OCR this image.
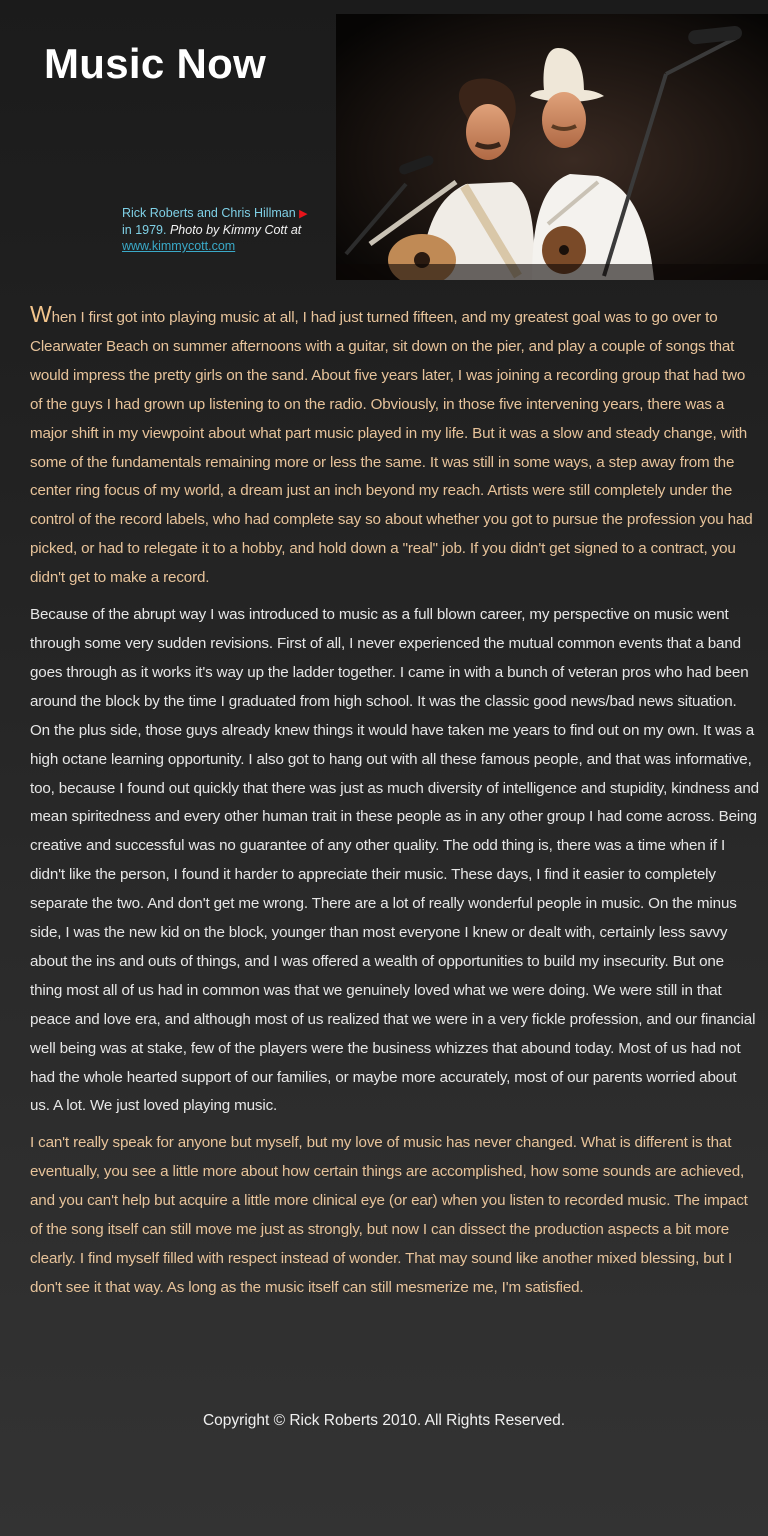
Music Now
Rick Roberts and Chris Hillman ▶
in 1979. Photo by Kimmy Cott at
www.kimmycott.com

When I first got into playing music at all, I had just turned fifteen, and my greatest goal was to go over to Clearwater Beach on summer afternoons with a guitar, sit down on the pier, and play a couple of songs that would impress the pretty girls on the sand. About five years later, I was joining a recording group that had two of the guys I had grown up listening to on the radio. Obviously, in those five intervening years, there was a major shift in my viewpoint about what part music played in my life. But it was a slow and steady change, with some of the fundamentals remaining more or less the same. It was still in some ways, a step away from the center ring focus of my world, a dream just an inch beyond my reach. Artists were still completely under the control of the record labels, who had complete say so about whether you got to pursue the profession you had picked, or had to relegate it to a hobby, and hold down a "real" job. If you didn't get signed to a contract, you didn't get to make a record.

Because of the abrupt way I was introduced to music as a full blown career, my perspective on music went through some very sudden revisions. First of all, I never experienced the mutual common events that a band goes through as it works it's way up the ladder together. I came in with a bunch of veteran pros who had been around the block by the time I graduated from high school. It was the classic good news/bad news situation. On the plus side, those guys already knew things it would have taken me years to find out on my own. It was a high octane learning opportunity. I also got to hang out with all these famous people, and that was informative, too, because I found out quickly that there was just as much diversity of intelligence and stupidity, kindness and mean spiritedness and every other human trait in these people as in any other group I had come across. Being creative and successful was no guarantee of any other quality. The odd thing is, there was a time when if I didn't like the person, I found it harder to appreciate their music. These days, I find it easier to completely separate the two. And don't get me wrong. There are a lot of really wonderful people in music. On the minus side, I was the new kid on the block, younger than most everyone I knew or dealt with, certainly less savvy about the ins and outs of things, and I was offered a wealth of opportunities to build my insecurity. But one thing most all of us had in common was that we genuinely loved what we were doing. We were still in that peace and love era, and although most of us realized that we were in a very fickle profession, and our financial well being was at stake, few of the players were the business whizzes that abound today. Most of us had not had the whole hearted support of our families, or maybe more accurately, most of our parents worried about us. A lot. We just loved playing music.

I can't really speak for anyone but myself, but my love of music has never changed. What is different is that eventually, you see a little more about how certain things are accomplished, how some sounds are achieved, and you can't help but acquire a little more clinical eye (or ear) when you listen to recorded music. The impact of the song itself can still move me just as strongly, but now I can dissect the production aspects a bit more clearly. I find myself filled with respect instead of wonder. That may sound like another mixed blessing, but I don't see it that way. As long as the music itself can still mesmerize me, I'm satisfied.

Copyright © Rick Roberts 2010. All Rights Reserved.
